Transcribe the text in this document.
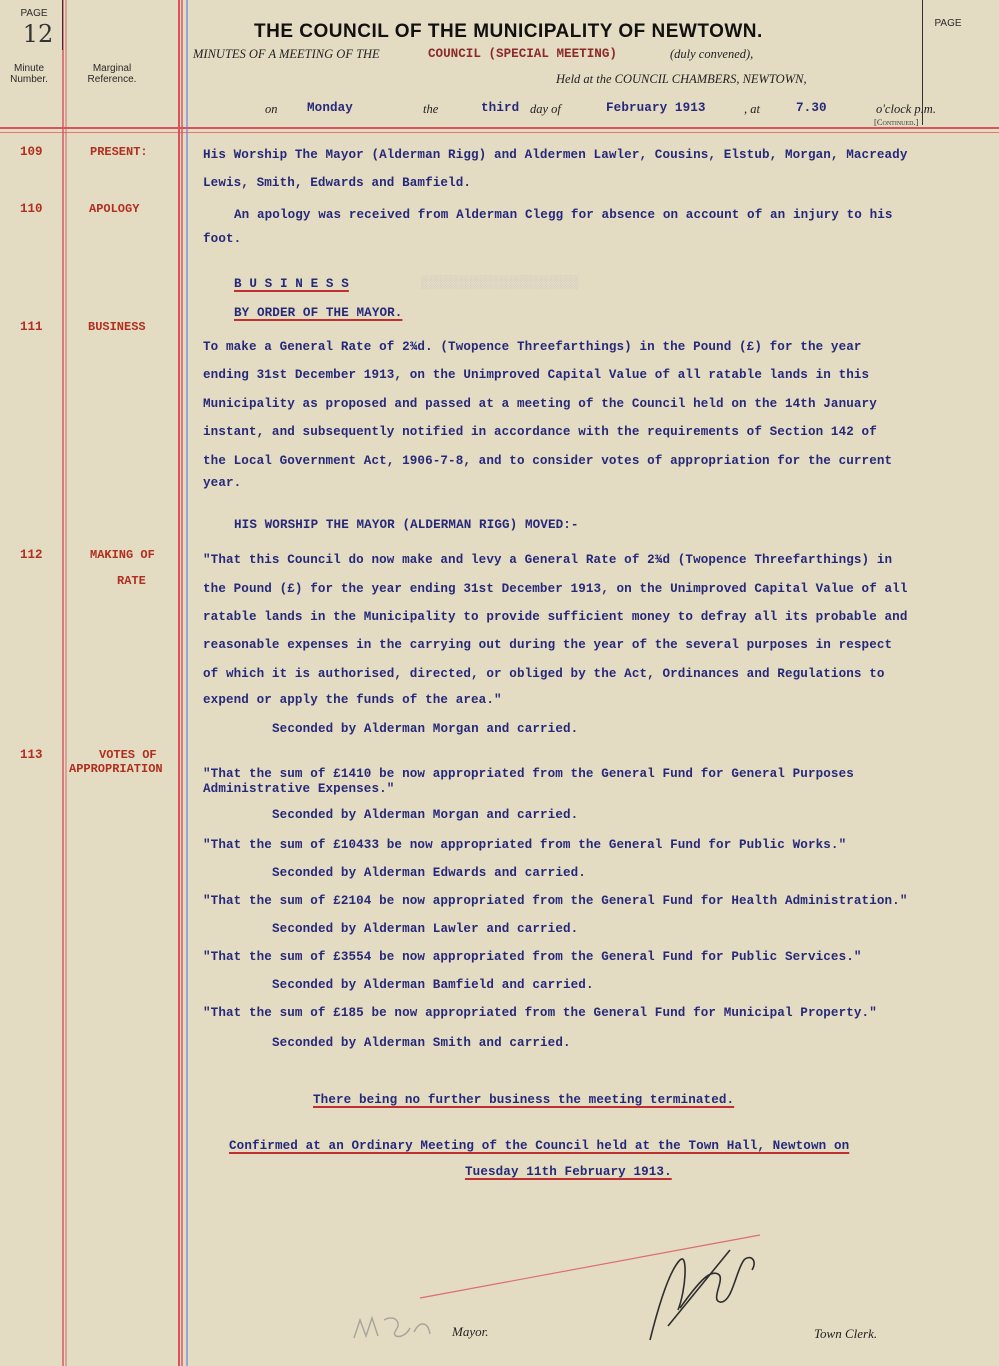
░░░░░░░░░░░░░░░░░░░░░
PAGE
12	PAGE
Minute Number.
Marginal Reference.
THE COUNCIL OF THE MUNICIPALITY OF NEWTOWN.
MINUTES OF A MEETING OF THE	COUNCIL (SPECIAL MEETING)	(duly convened),
Held at the COUNCIL CHAMBERS, NEWTOWN,
on Monday	the	third day of	February 1913	, at	7.30	o'clock p.m.
[Continued.]
109	PRESENT:	His Worship The Mayor (Alderman Rigg) and Aldermen Lawler, Cousins, Elstub, Morgan, Macready
Lewis, Smith, Edwards and Bamfield.
110	APOLOGY	An apology was received from Alderman Clegg for absence on account of an injury to his
foot.
B U S I N E S S
BY ORDER OF THE MAYOR.
111	BUSINESS
To make a General Rate of 2¾d. (Twopence Threefarthings) in the Pound (£) for the year
ending 31st December 1913, on the Unimproved Capital Value of all ratable lands in this
Municipality as proposed and passed at a meeting of the Council held on the 14th January
instant, and subsequently notified in accordance with the requirements of Section 142 of
the Local Government Act, 1906-7-8, and to consider votes of appropriation for the current
year.
HIS WORSHIP THE MAYOR (ALDERMAN RIGG) MOVED:-
112	MAKING OF
RATE
"That this Council do now make and levy a General Rate of 2¾d (Twopence Threefarthings) in
the Pound (£) for the year ending 31st December 1913, on the Unimproved Capital Value of all
ratable lands in the Municipality to provide sufficient money to defray all its probable and
reasonable expenses in the carrying out during the year of the several purposes in respect
of which it is authorised, directed, or obliged by the Act, Ordinances and Regulations to
expend or apply the funds of the area."
Seconded by Alderman Morgan and carried.
113	VOTES OF
APPROPRIATION	"That the sum of £1410 be now appropriated from the General Fund for General Purposes
Administrative Expenses."
Seconded by Alderman Morgan and carried.
"That the sum of £10433 be now appropriated from the General Fund for Public Works."
Seconded by Alderman Edwards and carried.
"That the sum of £2104 be now appropriated from the General Fund for Health Administration."
Seconded by Alderman Lawler and carried.
"That the sum of £3554 be now appropriated from the General Fund for Public Services."
Seconded by Alderman Bamfield and carried.
"That the sum of £185 be now appropriated from the General Fund for Municipal Property."
Seconded by Alderman Smith and carried.
There being no further business the meeting terminated.
Confirmed at an Ordinary Meeting of the Council held at the Town Hall, Newtown on
Tuesday 11th February 1913.
Mayor.	Town Clerk.
